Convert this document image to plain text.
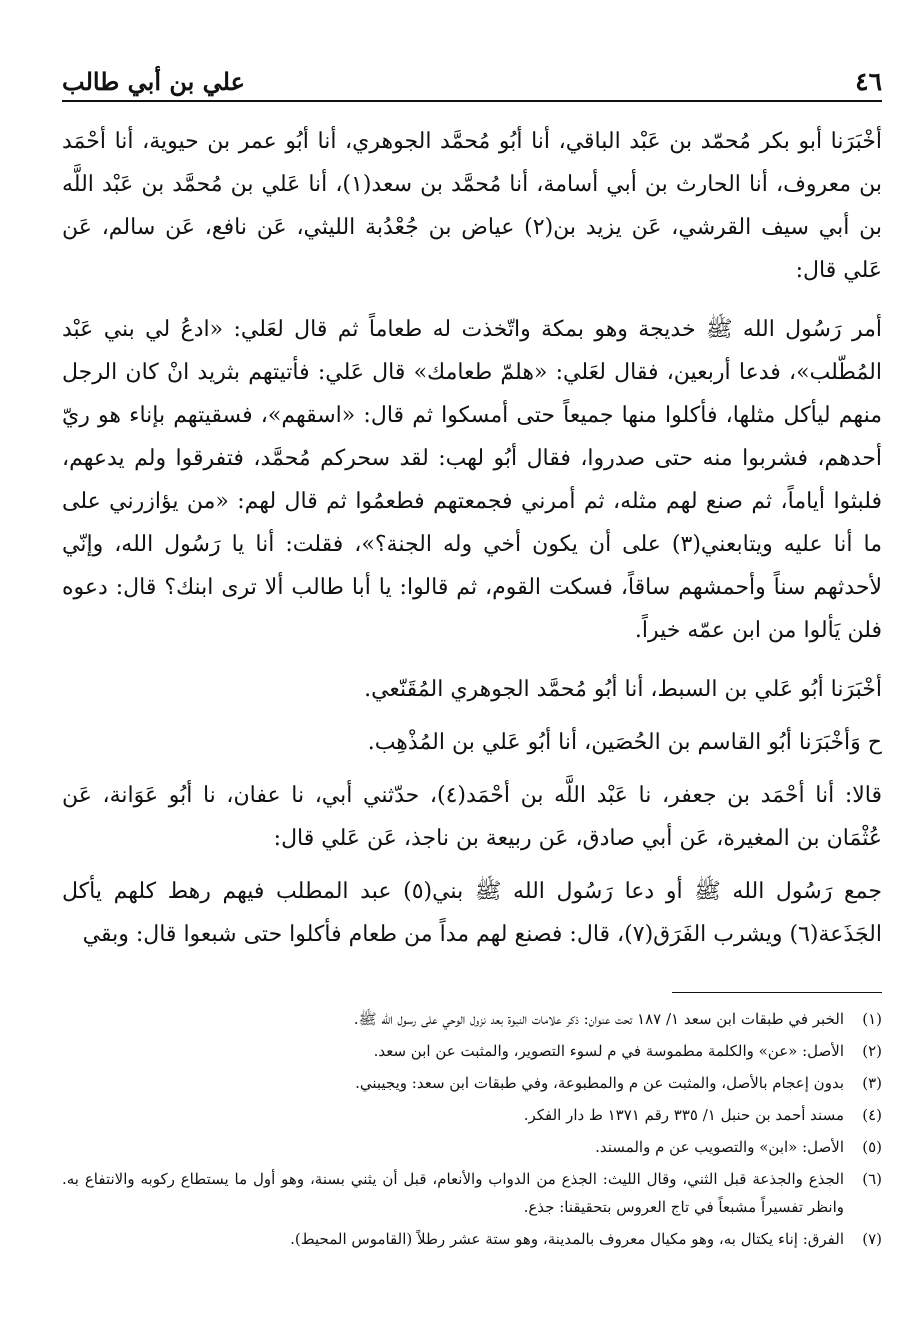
٤٦
علي بن أبي طالب

أخْبَرَنا أبو بكر مُحمّد بن عَبْد الباقي، أنا أبُو مُحمَّد الجوهري، أنا أبُو عمر بن حيوية، أنا أحْمَد بن معروف، أنا الحارث بن أبي أسامة، أنا مُحمَّد بن سعد(١)، أنا عَلي بن مُحمَّد بن عَبْد اللَّه بن أبي سيف القرشي، عَن يزيد بن(٢) عياض بن جُعْدُبة الليثي، عَن نافع، عَن سالم، عَن عَلي قال:

أمر رَسُول الله ﷺ خديجة وهو بمكة واتّخذت له طعاماً ثم قال لعَلي: «ادعُ لي بني عَبْد المُطّلب»، فدعا أربعين، فقال لعَلي: «هلمّ طعامك» قال عَلي: فأتيتهم بثريد انْ كان الرجل منهم ليأكل مثلها، فأكلوا منها جميعاً حتى أمسكوا ثم قال: «اسقهم»، فسقيتهم بإناء هو ريّ أحدهم، فشربوا منه حتى صدروا، فقال أبُو لهب: لقد سحركم مُحمَّد، فتفرقوا ولم يدعهم، فلبثوا أياماً، ثم صنع لهم مثله، ثم أمرني فجمعتهم فطعمُوا ثم قال لهم: «من يؤازرني على ما أنا عليه ويتابعني(٣) على أن يكون أخي وله الجنة؟»، فقلت: أنا يا رَسُول الله، وإنّي لأحدثهم سناً وأحمشهم ساقاً، فسكت القوم، ثم قالوا: يا أبا طالب ألا ترى ابنك؟ قال: دعوه فلن يَألوا من ابن عمّه خيراً.

أخْبَرَنا أبُو عَلي بن السبط، أنا أبُو مُحمَّد الجوهري المُقَنّعي.

ح وَأخْبَرَنا أبُو القاسم بن الحُصَين، أنا أبُو عَلي بن المُذْهِب.

قالا: أنا أحْمَد بن جعفر، نا عَبْد اللَّه بن أحْمَد(٤)، حدّثني أبي، نا عفان، نا أبُو عَوَانة، عَن عُثْمَان بن المغيرة، عَن أبي صادق، عَن ربيعة بن ناجذ، عَن عَلي قال:

جمع رَسُول الله ﷺ أو دعا رَسُول الله ﷺ بني(٥) عبد المطلب فيهم رهط كلهم يأكل الجَذَعة(٦) ويشرب الفَرَق(٧)، قال: فصنع لهم مداً من طعام فأكلوا حتى شبعوا قال: وبقي

(١)
الخبر في طبقات ابن سعد ١/ ١٨٧ تحت عنوان: ذكر علامات النبوة بعد نزول الوحي على رسول الله ﷺ.
(٢)
الأصل: «عن» والكلمة مطموسة في م لسوء التصوير، والمثبت عن ابن سعد.
(٣)
بدون إعجام بالأصل، والمثبت عن م والمطبوعة، وفي طبقات ابن سعد: ويجيبني.
(٤)
مسند أحمد بن حنبل ١/ ٣٣٥ رقم ١٣٧١ ط دار الفكر.
(٥)
الأصل: «ابن» والتصويب عن م والمسند.
(٦)
الجذع والجذعة قبل الثني، وقال الليث: الجذع من الدواب والأنعام، قبل أن يثني بسنة، وهو أول ما يستطاع ركوبه والانتفاع به. وانظر تفسيراً مشبعاً في تاج العروس بتحقيقنا: جذع.
(٧)
الفرق: إناء يكتال به، وهو مكيال معروف بالمدينة، وهو ستة عشر رطلاً (القاموس المحيط).
